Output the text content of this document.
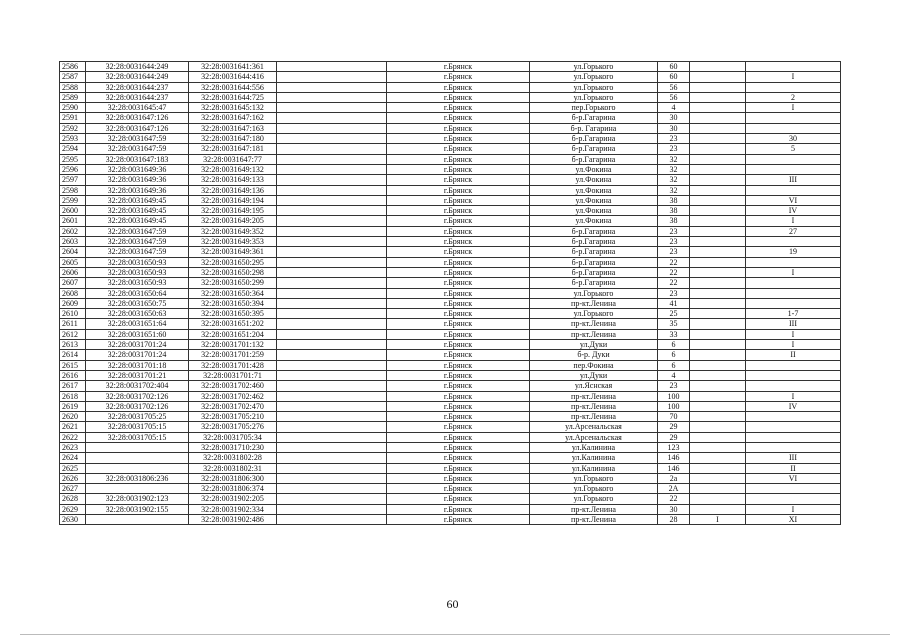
2586	32:28:0031644:249	32:28:0031641:361		г.Брянск	ул.Горького	60		
2587	32:28:0031644:249	32:28:0031644:416		г.Брянск	ул.Горького	60		I
2588	32:28:0031644:237	32:28:0031644:556		г.Брянск	ул.Горького	56		
2589	32:28:0031644:237	32:28:0031644:725		г.Брянск	ул.Горького	56		2
2590	32:28:0031645:47	32:28:0031645:132		г.Брянск	пер.Горького	4		I
2591	32:28:0031647:126	32:28:0031647:162		г.Брянск	б-р.Гагарина	30		
2592	32:28:0031647:126	32:28:0031647:163		г.Брянск	б-р. Гагарина	30		
2593	32:28:0031647:59	32:28:0031647:180		г.Брянск	б-р.Гагарина	23		30
2594	32:28:0031647:59	32:28:0031647:181		г.Брянск	б-р.Гагарина	23		5
2595	32:28:0031647:183	32:28:0031647:77		г.Брянск	б-р.Гагарина	32		
2596	32:28:0031649:36	32:28:0031649:132		г.Брянск	ул.Фокина	32		
2597	32:28:0031649:36	32:28:0031649:133		г.Брянск	ул.Фокина	32		III
2598	32:28:0031649:36	32:28:0031649:136		г.Брянск	ул.Фокина	32		
2599	32:28:0031649:45	32:28:0031649:194		г.Брянск	ул.Фокина	38		VI
2600	32:28:0031649:45	32:28:0031649:195		г.Брянск	ул.Фокина	38		IV
2601	32:28:0031649:45	32:28:0031649:205		г.Брянск	ул.Фокина	38		I
2602	32:28:0031647:59	32:28:0031649:352		г.Брянск	б-р.Гагарина	23		27
2603	32:28:0031647:59	32:28:0031649:353		г.Брянск	б-р.Гагарина	23		
2604	32:28:0031647:59	32:28:0031649:361		г.Брянск	б-р.Гагарина	23		19
2605	32:28:0031650:93	32:28:0031650:295		г.Брянск	б-р.Гагарина	22		
2606	32:28:0031650:93	32:28:0031650:298		г.Брянск	б-р.Гагарина	22		I
2607	32:28:0031650:93	32:28:0031650:299		г.Брянск	б-р.Гагарина	22		
2608	32:28:0031650:64	32:28:0031650:364		г.Брянск	ул.Горького	23		
2609	32:28:0031650:75	32:28:0031650:394		г.Брянск	пр-кт.Ленина	41		
2610	32:28:0031650:63	32:28:0031650:395		г.Брянск	ул.Горького	25		1-7
2611	32:28:0031651:64	32:28:0031651:202		г.Брянск	пр-кт.Ленина	35		III
2612	32:28:0031651:60	32:28:0031651:204		г.Брянск	пр-кт.Ленина	33		I
2613	32:28:0031701:24	32:28:0031701:132		г.Брянск	ул.Дуки	6		I
2614	32:28:0031701:24	32:28:0031701:259		г.Брянск	б-р. Дуки	6		II
2615	32:28:0031701:18	32:28:0031701:428		г.Брянск	пер.Фокина	6		
2616	32:28:0031701:21	32:28:0031701:71		г.Брянск	ул.Дуки	4		
2617	32:28:0031702:404	32:28:0031702:460		г.Брянск	ул.Яснская	23		
2618	32:28:0031702:126	32:28:0031702:462		г.Брянск	пр-кт.Ленина	100		I
2619	32:28:0031702:126	32:28:0031702:470		г.Брянск	пр-кт.Ленина	100		IV
2620	32:28:0031705:25	32:28:0031705:210		г.Брянск	пр-кт.Ленина	70		
2621	32:28:0031705:15	32:28:0031705:276		г.Брянск	ул.Арсенальская	29		
2622	32:28:0031705:15	32:28:0031705:34		г.Брянск	ул.Арсенальская	29		
2623		32:28:0031710:230		г.Брянск	ул.Калинина	123		
2624		32:28:0031802:28		г.Брянск	ул.Калинина	146		III
2625		32:28:0031802:31		г.Брянск	ул.Калинина	146		II
2626	32:28:0031806:236	32:28:0031806:300		г.Брянск	ул.Горького	2а		VI
2627		32:28:0031806:374		г.Брянск	ул.Горького	2А		
2628	32:28:0031902:123	32:28:0031902:205		г.Брянск	ул.Горького	22		
2629	32:28:0031902:155	32:28:0031902:334		г.Брянск	пр-кт.Ленина	30		I
2630		32:28:0031902:486		г.Брянск	пр-кт.Ленина	28	I	XI
60
